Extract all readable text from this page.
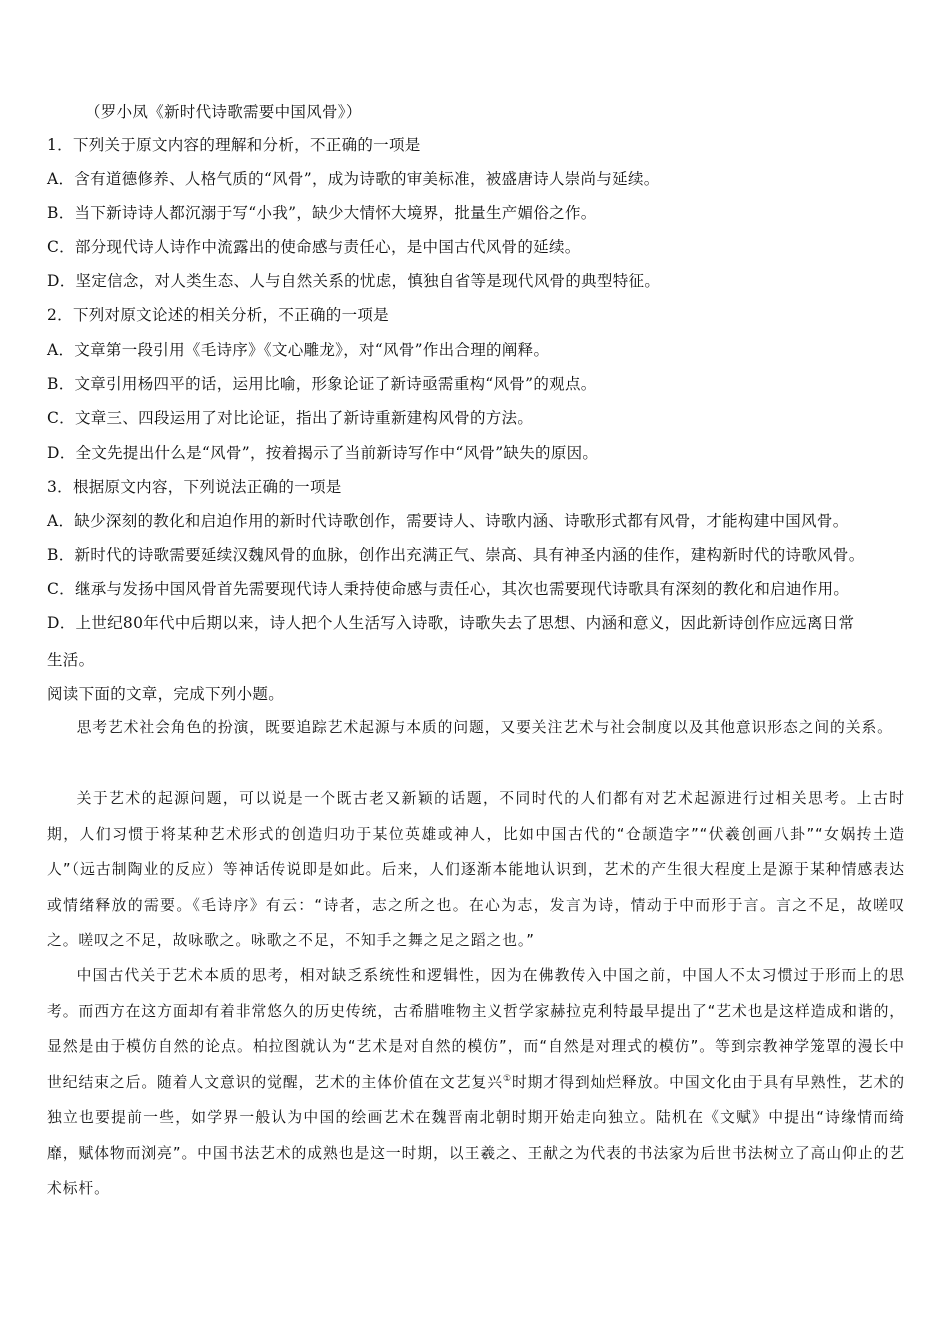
（罗小凤《新时代诗歌需要中国风骨》）
1．下列关于原文内容的理解和分析，不正确的一项是
A．含有道德修养、人格气质的“风骨”，成为诗歌的审美标准，被盛唐诗人崇尚与延续。
B．当下新诗诗人都沉溺于写“小我”，缺少大情怀大境界，批量生产媚俗之作。
C．部分现代诗人诗作中流露出的使命感与责任心，是中国古代风骨的延续。
D．坚定信念，对人类生态、人与自然关系的忧虑，慎独自省等是现代风骨的典型特征。
2．下列对原文论述的相关分析，不正确的一项是
A．文章第一段引用《毛诗序》《文心雕龙》，对“风骨”作出合理的阐释。
B．文章引用杨四平的话，运用比喻，形象论证了新诗亟需重构“风骨”的观点。
C．文章三、四段运用了对比论证，指出了新诗重新建构风骨的方法。
D．全文先提出什么是“风骨”，按着揭示了当前新诗写作中“风骨”缺失的原因。
3．根据原文内容，下列说法正确的一项是
A．缺少深刻的教化和启迫作用的新时代诗歌创作，需要诗人、诗歌内涵、诗歌形式都有风骨，才能构建中国风骨。
B．新时代的诗歌需要延续汉魏风骨的血脉，创作出充满正气、崇高、具有神圣内涵的佳作，建构新时代的诗歌风骨。
C．继承与发扬中国风骨首先需要现代诗人秉持使命感与责任心，其次也需要现代诗歌具有深刻的教化和启迪作用。
D．上世纪80年代中后期以来，诗人把个人生活写入诗歌，诗歌失去了思想、内涵和意义，因此新诗创作应远离日常
生活。
阅读下面的文章，完成下列小题。

思考艺术社会角色的扮演，既要追踪艺术起源与本质的问题，又要关注艺术与社会制度以及其他意识形态之间的关系。

关于艺术的起源问题，可以说是一个既古老又新颖的话题，不同时代的人们都有对艺术起源进行过相关思考。上古时期，人们习惯于将某种艺术形式的创造归功于某位英雄或神人，比如中国古代的“仓颉造字”“伏羲创画八卦”“女娲抟土造人”（远古制陶业的反应）等神话传说即是如此。后来，人们逐渐本能地认识到，艺术的产生很大程度上是源于某种情感表达或情绪释放的需要。《毛诗序》有云：“诗者，志之所之也。在心为志，发言为诗，情动于中而形于言。言之不足，故嗟叹之。嗟叹之不足，故咏歌之。咏歌之不足，不知手之舞之足之蹈之也。”

中国古代关于艺术本质的思考，相对缺乏系统性和逻辑性，因为在佛教传入中国之前，中国人不太习惯过于形而上的思考。而西方在这方面却有着非常悠久的历史传统，古希腊唯物主义哲学家赫拉克利特最早提出了“艺术也是这样造成和谐的，显然是由于模仿自然的论点。柏拉图就认为“艺术是对自然的模仿”，而“自然是对理式的模仿”。等到宗教神学笼罩的漫长中世纪结束之后。随着人文意识的觉醒，艺术的主体价值在文艺复兴①时期才得到灿烂释放。中国文化由于具有早熟性，艺术的独立也要提前一些，如学界一般认为中国的绘画艺术在魏晋南北朝时期开始走向独立。陆机在《文赋》中提出“诗缘情而绮靡，赋体物而浏亮”。中国书法艺术的成熟也是这一时期，以王羲之、王献之为代表的书法家为后世书法树立了高山仰止的艺术标杆。
